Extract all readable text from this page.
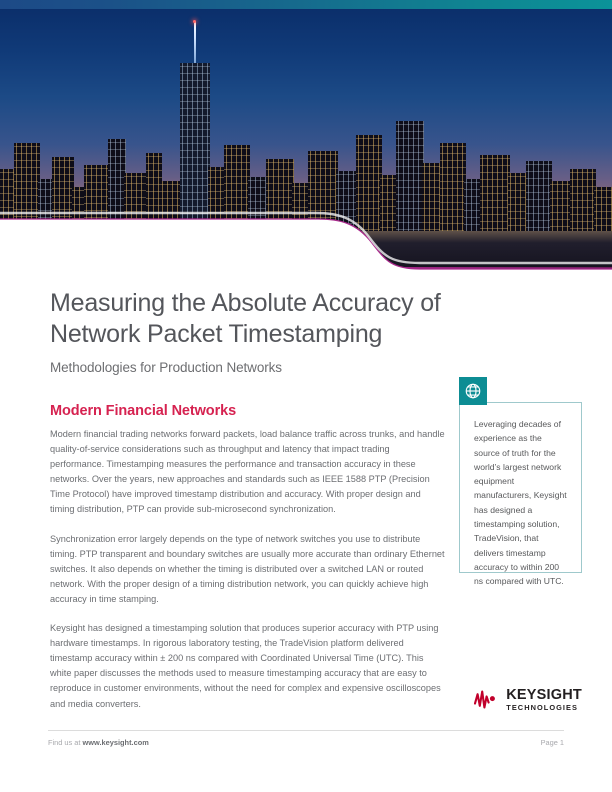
WHITE PAPER
Measuring the Absolute Accuracy of Network Packet Timestamping
Methodologies for Production Networks
Modern Financial Networks

Modern financial trading networks forward packets, load balance traffic across trunks, and handle quality-of-service considerations such as throughput and latency that impact trading performance. Timestamping measures the performance and transaction accuracy in these networks. Over the years, new approaches and standards such as IEEE 1588 PTP (Precision Time Protocol) have improved timestamp distribution and accuracy. With proper design and timing distribution, PTP can provide sub-microsecond synchronization.

Synchronization error largely depends on the type of network switches you use to distribute timing. PTP transparent and boundary switches are usually more accurate than ordinary Ethernet switches. It also depends on whether the timing is distributed over a switched LAN or routed network. With the proper design of a timing distribution network, you can quickly achieve high accuracy in time stamping.

Keysight has designed a timestamping solution that produces superior accuracy with PTP using hardware timestamps. In rigorous laboratory testing, the TradeVision platform delivered timestamp accuracy within ± 200 ns compared with Coordinated Universal Time (UTC). This white paper discusses the methods used to measure timestamping accuracy that are easy to reproduce in customer environments, without the need for complex and expensive oscilloscopes and media converters.

Leveraging decades of experience as the source of truth for the world’s largest network equipment manufacturers, Keysight has designed a timestamping solution, TradeVision, that delivers timestamp accuracy to within 200 ns compared with UTC.
KEYSIGHT
TECHNOLOGIES
Find us at www.keysight.com	Page 1
